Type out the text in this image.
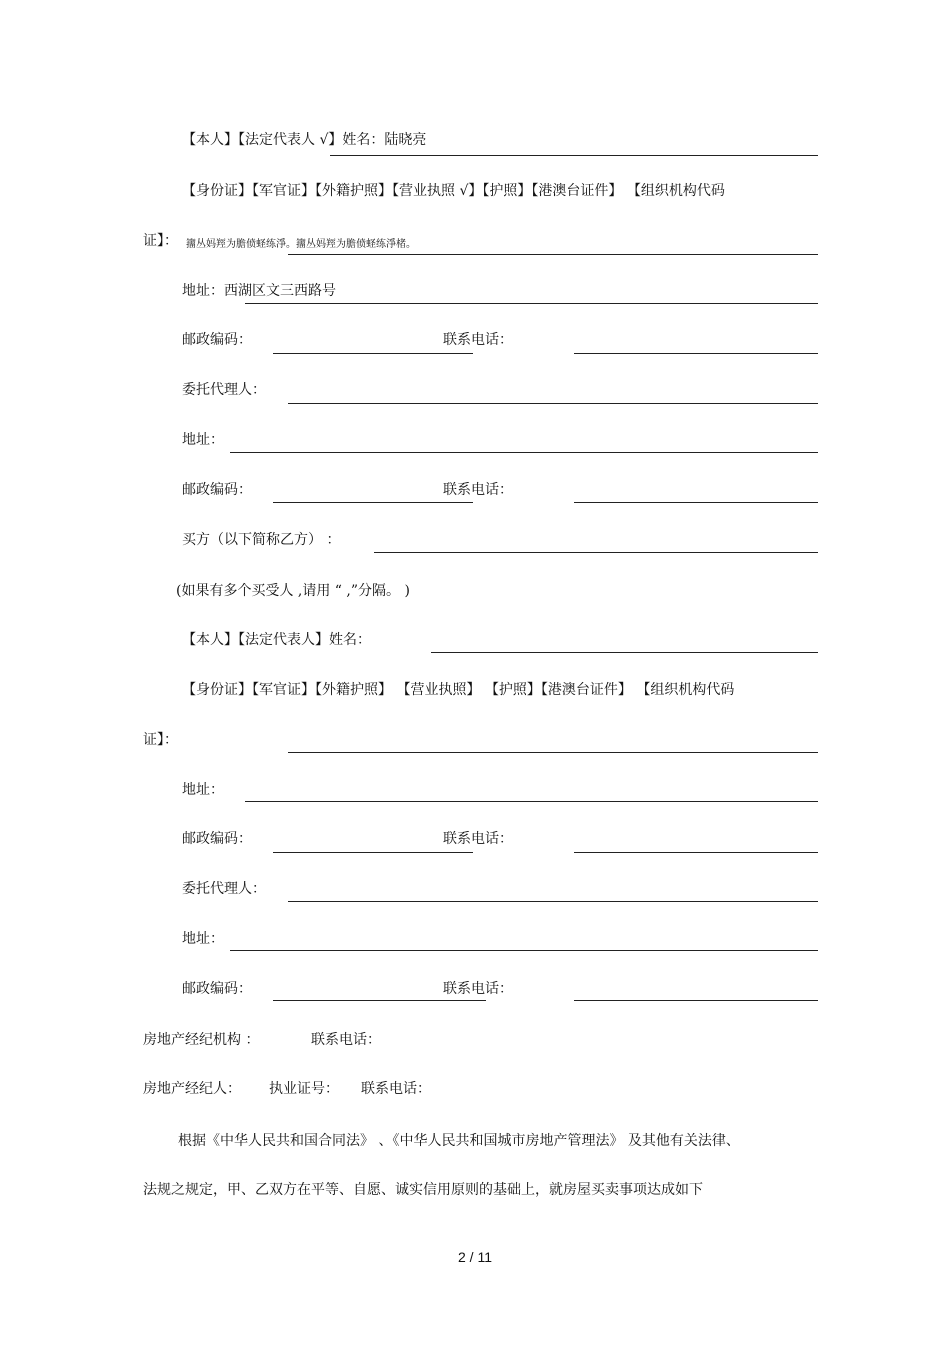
【本人】【法定代表人 √】姓名：陆晓亮
【身份证】【军官证】【外籍护照】【营业执照 √】【护照】【港澳台证件】 【组织机构代码
证】： 籒丛妈羥为膽偾蛏练淨。籒丛妈羥为膽偾蛏练淨楮。
地址：西湖区文三西路号
邮政编码：	联系电话：
委托代理人：
地址：
邮政编码：	联系电话：
买方（以下简称乙方） ：
(如果有多个买受人 ,请用 “ ,”分隔。 )
【本人】【法定代表人】姓名：
【身份证】【军官证】【外籍护照】 【营业执照】 【护照】【港澳台证件】 【组织机构代码
证】：
地址：
邮政编码：	联系电话：
委托代理人：
地址：
邮政编码：	联系电话：
房地产经纪机构 ：	联系电话：
房地产经纪人： 执业证号： 联系电话：
根据《中华人民共和国合同法》 、《中华人民共和国城市房地产管理法》 及其他有关法律、
法规之规定，甲、乙双方在平等、自愿、诚实信用原则的基础上，就房屋买卖事项达成如下
2 / 11
